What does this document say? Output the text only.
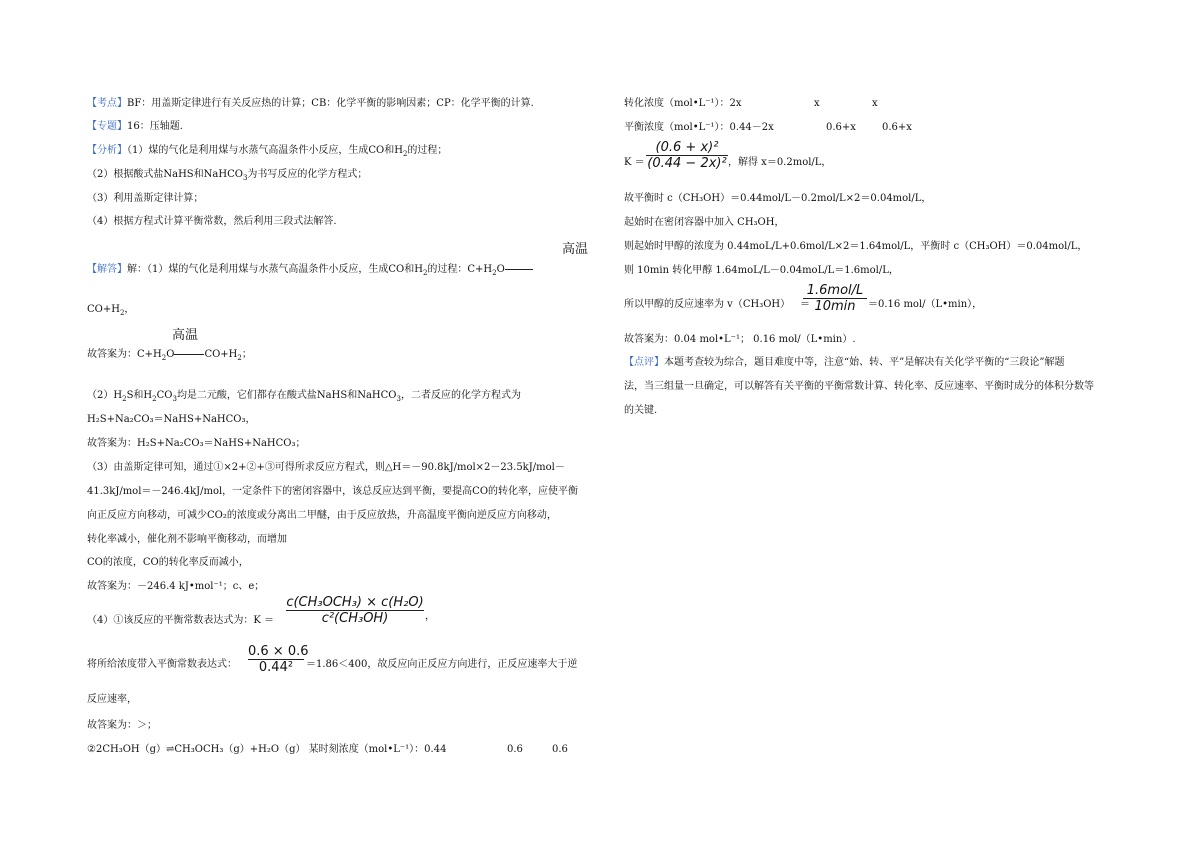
【考点】BF：用盖斯定律进行有关反应热的计算；CB：化学平衡的影响因素；CP：化学平衡的计算.
【专题】16：压轴题.
【分析】（1）煤的气化是利用煤与水蒸气高温条件小反应，生成CO和$H_2$的过程；
（2）根据酸式盐NaHS和NaHCO$_3$为书写反应的化学方程式；
（3）利用盖斯定律计算；
（4）根据方程式计算平衡常数，然后利用三段式法解答.
高温
【解答】解：（1）煤的气化是利用煤与水蒸气高温条件小反应，生成CO和$H_2$的过程：$C+H_2O$
$CO+H_2$，
高温
故答案为：$C+H_2O$	$CO+H_2$；
$(2)H_2S$和$H_2CO_3$均是二元酸，它们都存在酸式盐NaHS和NaHCO$_3$，二者反应的化学方程式为
H₂S+Na₂CO₃＝NaHS+NaHCO₃，
故答案为：H₂S+Na₂CO₃＝NaHS+NaHCO₃；
（3）由盖斯定律可知，通过①×2+②+③可得所求反应方程式，则△H＝－90.8kJ/mol×2－23.5kJ/mol－
41.3kJ/mol＝－246.4kJ/mol，一定条件下的密闭容器中，该总反应达到平衡，要提高CO的转化率，应使平衡
向正反应方向移动，可减少CO₂的浓度或分离出二甲醚，由于反应放热，升高温度平衡向逆反应方向移动，
转化率减小，催化剂不影响平衡移动，而增加
CO的浓度，CO的转化率反而减小，
故答案为：－246.4 kJ•mol⁻¹；c、e；
（4）①该反应的平衡常数表达式为：K ＝
c(CH₃OCH₃) × c(H₂O)
c²(CH₃OH)	，
将所给浓度带入平衡常数表达式：
0.6 × 0.6
0.44²	＝1.86＜400，故反应向正反应方向进行，正反应速率大于逆
反应速率，
故答案为：＞；
②2CH₃OH（g）⇌CH₃OCH₃（g）+H₂O（g） 某时刻浓度（mol•L⁻¹）：0.44	0.6	0.6
转化浓度（mol•L⁻¹）：2x	x	x
平衡浓度（mol•L⁻¹）：0.44－2x	0.6+x	0.6+x
K ＝
(0.6 + x)²
(0.44 − 2x)² ，解得 x＝0.2mol/L，
故平衡时 c（CH₃OH）＝0.44mol/L－0.2mol/L×2＝0.04mol/L，
起始时在密闭容器中加入 CH₃OH，
则起始时甲醇的浓度为 0.44moL/L+0.6mol/L×2＝1.64mol/L，平衡时 c（CH₃OH）＝0.04mol/L，
则 10min 转化甲醇 1.64moL/L－0.04moL/L＝1.6mol/L，
所以甲醇的反应速率为 v（CH₃OH） ＝
1.6mol/L
10min	＝0.16 mol/（L•min），
故答案为：0.04 mol•L⁻¹； 0.16 mol/（L•min）.
【点评】本题考查较为综合，题目难度中等，注意“始、转、平”是解决有关化学平衡的“三段论”解题
法，当三组量一旦确定，可以解答有关平衡的平衡常数计算、转化率、反应速率、平衡时成分的体积分数等
的关键.
